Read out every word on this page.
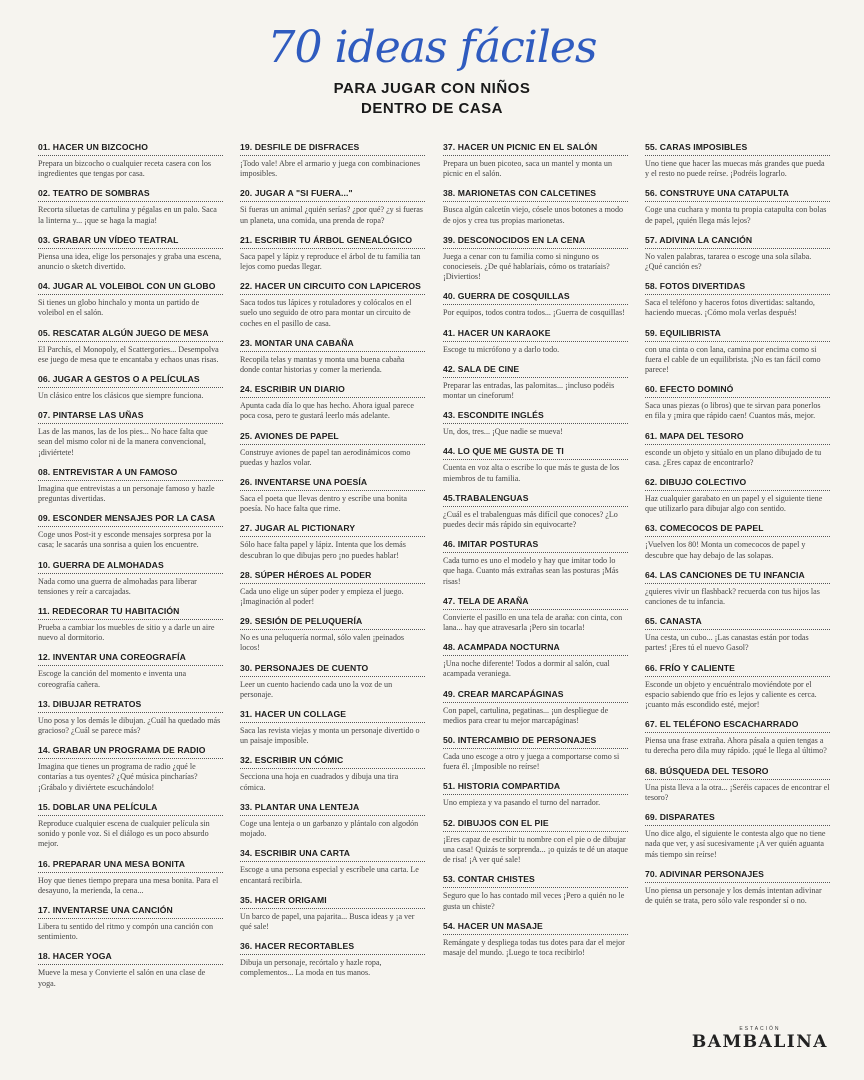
70 ideas fáciles
PARA JUGAR CON NIÑOS
DENTRO DE CASA
01. HACER UN BIZCOCHO
Prepara un bizcocho o cualquier receta casera con los ingredientes que tengas por casa.
02. TEATRO DE SOMBRAS
Recorta siluetas de cartulina y pégalas en un palo. Saca la linterna y... ¡que se haga la magia!
03. GRABAR UN VÍDEO TEATRAL
Piensa una idea, elige los personajes y graba una escena, anuncio o sketch divertido.
04. JUGAR AL VOLEIBOL CON UN GLOBO
Si tienes un globo hinchalo y monta un partido de voleibol en el salón.
05. RESCATAR ALGÚN JUEGO DE MESA
El Parchís, el Monopoly, el Scattergories... Desempolva ese juego de mesa que te encantaba y echaos unas risas.
06. JUGAR A GESTOS O A PELÍCULAS
Un clásico entre los clásicos que siempre funciona.
07. PINTARSE LAS UÑAS
Las de las manos, las de los pies... No hace falta que sean del mismo color ni de la manera convencional, ¡diviértete!
08. ENTREVISTAR A UN FAMOSO
Imagina que entrevistas a un personaje famoso y hazle preguntas divertidas.
09. ESCONDER MENSAJES POR LA CASA
Coge unos Post-it y esconde mensajes sorpresa por la casa; le sacarás una sonrisa a quien los encuentre.
10. GUERRA DE ALMOHADAS
Nada como una guerra de almohadas para liberar tensiones y reír a carcajadas.
11. REDECORAR TU HABITACIÓN
Prueba a cambiar los muebles de sitio y a darle un aire nuevo al dormitorio.
12. INVENTAR UNA COREOGRAFÍA
Escoge la canción del momento e inventa una coreografía cañera.
13. DIBUJAR RETRATOS
Uno posa y los demás le dibujan. ¿Cuál ha quedado más gracioso? ¿Cuál se parece más?
14. GRABAR UN PROGRAMA DE RADIO
Imagina que tienes un programa de radio ¿qué le contarías a tus oyentes? ¿Qué música pincharías? ¡Grábalo y diviértete escuchándolo!
15. DOBLAR UNA PELÍCULA
Reproduce cualquier escena de cualquier película sin sonido y ponle voz. Si el diálogo es un poco absurdo mejor.
16. PREPARAR UNA MESA BONITA
Hoy que tienes tiempo prepara una mesa bonita. Para el desayuno, la merienda, la cena...
17. INVENTARSE UNA CANCIÓN
Libera tu sentido del ritmo y compón una canción con sentimiento.
18. HACER YOGA
Mueve la mesa y Convierte el salón en una clase de yoga.
19. DESFILE DE DISFRACES
¡Todo vale! Abre el armario y juega con combinaciones imposibles.
20. JUGAR A "SI FUERA..."
Si fueras un animal ¿quién serías? ¿por qué? ¿y si fueras un planeta, una comida, una prenda de ropa?
21. ESCRIBIR TU ÁRBOL GENEALÓGICO
Saca papel y lápiz y reproduce el árbol de tu familia tan lejos como puedas llegar.
22. HACER UN CIRCUITO CON LAPICEROS
Saca todos tus lápices y rotuladores y colócalos en el suelo uno seguido de otro para montar un circuito de coches en el pasillo de casa.
23. MONTAR UNA CABAÑA
Recopila telas y mantas y monta una buena cabaña donde contar historias y comer la merienda.
24. ESCRIBIR UN DIARIO
Apunta cada día lo que has hecho. Ahora igual parece poca cosa, pero te gustará leerlo más adelante.
25. AVIONES DE PAPEL
Construye aviones de papel tan aerodinámicos como puedas y hazlos volar.
26. INVENTARSE UNA POESÍA
Saca el poeta que llevas dentro y escribe una bonita poesía. No hace falta que rime.
27. JUGAR AL PICTIONARY
Sólo hace falta papel y lápiz. Intenta que los demás descubran lo que dibujas pero ¡no puedes hablar!
28. SÚPER HÉROES AL PODER
Cada uno elige un súper poder y empieza el juego. ¡Imaginación al poder!
29. SESIÓN DE PELUQUERÍA
No es una peluquería normal, sólo valen ¡peinados locos!
30. PERSONAJES DE CUENTO
Leer un cuento haciendo cada uno la voz de un personaje.
31. HACER UN COLLAGE
Saca las revista viejas y monta un personaje divertido o un paisaje imposible.
32. ESCRIBIR UN CÓMIC
Secciona una hoja en cuadrados y dibuja una tira cómica.
33. PLANTAR UNA LENTEJA
Coge una lenteja o un garbanzo y plántalo con algodón mojado.
34. ESCRIBIR UNA CARTA
Escoge a una persona especial y escríbele una carta. Le encantará recibirla.
35. HACER ORIGAMI
Un barco de papel, una pajarita... Busca ideas y ¡a ver qué sale!
36. HACER RECORTABLES
Dibuja un personaje, recórtalo y hazle ropa, complementos... La moda en tus manos.
37. HACER UN PICNIC EN EL SALÓN
Prepara un buen picoteo, saca un mantel y monta un picnic en el salón.
38. MARIONETAS CON CALCETINES
Busca algún calcetín viejo, cósele unos botones a modo de ojos y crea tus propias marionetas.
39. DESCONOCIDOS EN LA CENA
Juega a cenar con tu familia como si ninguno os conocieseis. ¿De qué hablaríais, cómo os trataríais? ¡Diviertios!
40. GUERRA DE COSQUILLAS
Por equipos, todos contra todos... ¡Guerra de cosquillas!
41. HACER UN KARAOKE
Escoge tu micrófono y a darlo todo.
42. SALA DE CINE
Preparar las entradas, las palomitas... ¡incluso podéis montar un cineforum!
43. ESCONDITE INGLÉS
Un, dos, tres... ¡Que nadie se mueva!
44. LO QUE ME GUSTA DE TI
Cuenta en voz alta o escribe lo que más te gusta de los miembros de tu familia.
45.TRABALENGUAS
¿Cuál es el trabalenguas más difícil que conoces? ¿Lo puedes decir más rápido sin equivocarte?
46. IMITAR POSTURAS
Cada turno es uno el modelo y hay que imitar todo lo que haga. Cuanto más extrañas sean las posturas ¡Más risas!
47. TELA DE ARAÑA
Convierte el pasillo en una tela de araña: con cinta, con lana... hay que atravesarla ¡Pero sin tocarla!
48. ACAMPADA NOCTURNA
¡Una noche diferente! Todos a dormir al salón, cual acampada veraniega.
49. CREAR MARCAPÁGINAS
Con papel, cartulina, pegatinas... ¡un despliegue de medios para crear tu mejor marcapáginas!
50. INTERCAMBIO DE PERSONAJES
Cada uno escoge a otro y juega a comportarse como si fuera él. ¡Imposible no reírse!
51. HISTORIA COMPARTIDA
Uno empieza y va pasando el turno del narrador.
52. DIBUJOS CON EL PIE
¡Eres capaz de escribir tu nombre con el pie o de dibujar una casa! Quizás te sorprenda... ¡o quizás te dé un ataque de risa! ¡A ver qué sale!
53. CONTAR CHISTES
Seguro que lo has contado mil veces ¡Pero a quién no le gusta un chiste?
54. HACER UN MASAJE
Remángate y despliega todas tus dotes para dar el mejor masaje del mundo. ¡Luego te toca recibirlo!
55. CARAS IMPOSIBLES
Uno tiene que hacer las muecas más grandes que pueda y el resto no puede reírse. ¡Podréis lograrlo.
56. CONSTRUYE UNA CATAPULTA
Coge una cuchara y monta tu propia catapulta con bolas de papel, ¡quién llega más lejos?
57. ADIVINA LA CANCIÓN
No valen palabras, tararea o escoge una sola sílaba. ¿Qué canción es?
58. FOTOS DIVERTIDAS
Saca el teléfono y haceros fotos divertidas: saltando, haciendo muecas. ¡Cómo mola verlas después!
59. EQUILIBRISTA
con una cinta o con lana, camina por encima como si fuera el cable de un equilibrista. ¡No es tan fácil como parece!
60. EFECTO DOMINÓ
Saca unas piezas (o libros) que te sirvan para ponerlos en fila y ¡mira que rápido caen! Cuantos más, mejor.
61. MAPA DEL TESORO
esconde un objeto y sitúalo en un plano dibujado de tu casa. ¿Eres capaz de encontrarlo?
62. DIBUJO COLECTIVO
Haz cualquier garabato en un papel y el siguiente tiene que utilizarlo para dibujar algo con sentido.
63. COMECOCOS DE PAPEL
¡Vuelven los 80! Monta un comecocos de papel y descubre que hay debajo de las solapas.
64. LAS CANCIONES DE TU INFANCIA
¿quieres vivir un flashback? recuerda con tus hijos las canciones de tu infancia.
65. CANASTA
Una cesta, un cubo... ¡Las canastas están por todas partes! ¡Eres tú el nuevo Gasol?
66. FRÍO Y CALIENTE
Esconde un objeto y encuéntralo moviéndote por el espacio sabiendo que frío es lejos y caliente es cerca. ¡cuanto más escondido esté, mejor!
67. EL TELÉFONO ESCACHARRADO
Piensa una frase extraña. Ahora pásala a quien tengas a tu derecha pero dila muy rápido. ¡qué le llega al último?
68. BÚSQUEDA DEL TESORO
Una pista lleva a la otra... ¡Seréis capaces de encontrar el tesoro?
69. DISPARATES
Uno dice algo, el siguiente le contesta algo que no tiene nada que ver, y así sucesivamente ¡A ver quién aguanta más tiempo sin reírse!
70. ADIVINAR PERSONAJES
Uno piensa un personaje y los demás intentan adivinar de quién se trata, pero sólo vale responder sí o no.
ESTACIÓN
BAMBALINA
